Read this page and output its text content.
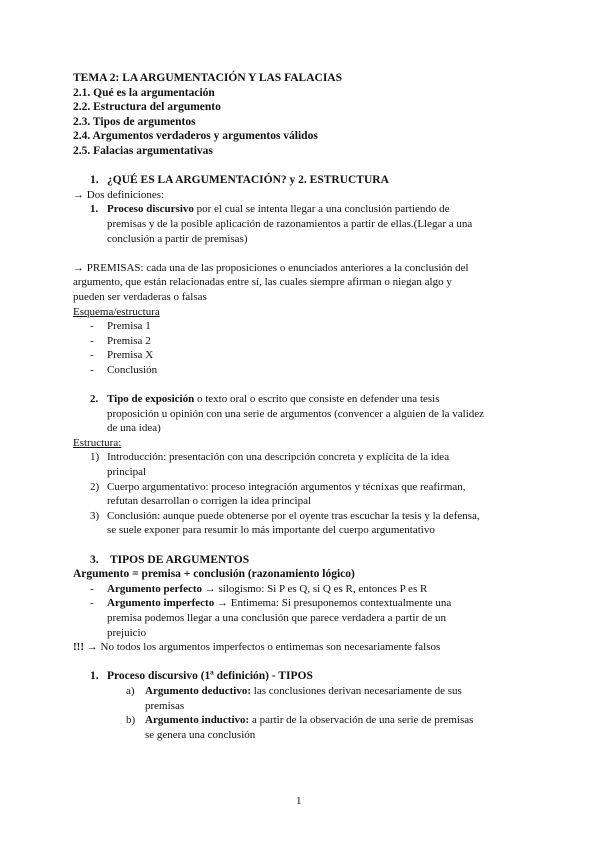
TEMA 2: LA ARGUMENTACIÓN Y LAS FALACIAS
2.1. Qué es la argumentación
2.2. Estructura del argumento
2.3. Tipos de argumentos
2.4. Argumentos verdaderos y argumentos válidos
2.5. Falacias argumentativas
1. ¿QUÉ ES LA ARGUMENTACIÓN? y 2. ESTRUCTURA
→ Dos definiciones:
1. Proceso discursivo por el cual se intenta llegar a una conclusión partiendo de
premisas y de la posible aplicación de razonamientos a partir de ellas.(Llegar a una
conclusión a partir de premisas)
→ PREMISAS: cada una de las proposiciones o enunciados anteriores a la conclusión del
argumento, que están relacionadas entre sí, las cuales siempre afirman o niegan algo y
pueden ser verdaderas o falsas
Esquema/estructura
- Premisa 1
- Premisa 2
- Premisa X
- Conclusión
2. Tipo de exposición o texto oral o escrito que consiste en defender una tesis
proposición u opinión con una serie de argumentos (convencer a alguien de la validez
de una idea)
Estructura:
1) Introducción: presentación con una descripción concreta y explícita de la idea
principal
2) Cuerpo argumentativo: proceso integración argumentos y técnixas que reafirman,
refutan desarrollan o corrigen la idea principal
3) Conclusión: aunque puede obtenerse por el oyente tras escuchar la tesis y la defensa,
se suele exponer para resumir lo más importante del cuerpo argumentativo
3. TIPOS DE ARGUMENTOS
Argumento = premisa + conclusión (razonamiento lógico)
- Argumento perfecto → silogismo: Si P es Q, si Q es R, entonces P es R
- Argumento imperfecto → Entimema: Si presuponemos contextualmente una
premisa podemos llegar a una conclusión que parece verdadera a partir de un
prejuicio
!!! → No todos los argumentos imperfectos o entimemas son necesariamente falsos
1. Proceso discursivo (1ª definición) - TIPOS
a) Argumento deductivo: las conclusiones derivan necesariamente de sus
premisas
b) Argumento inductivo: a partir de la observación de una serie de premisas
se genera una conclusión
1
